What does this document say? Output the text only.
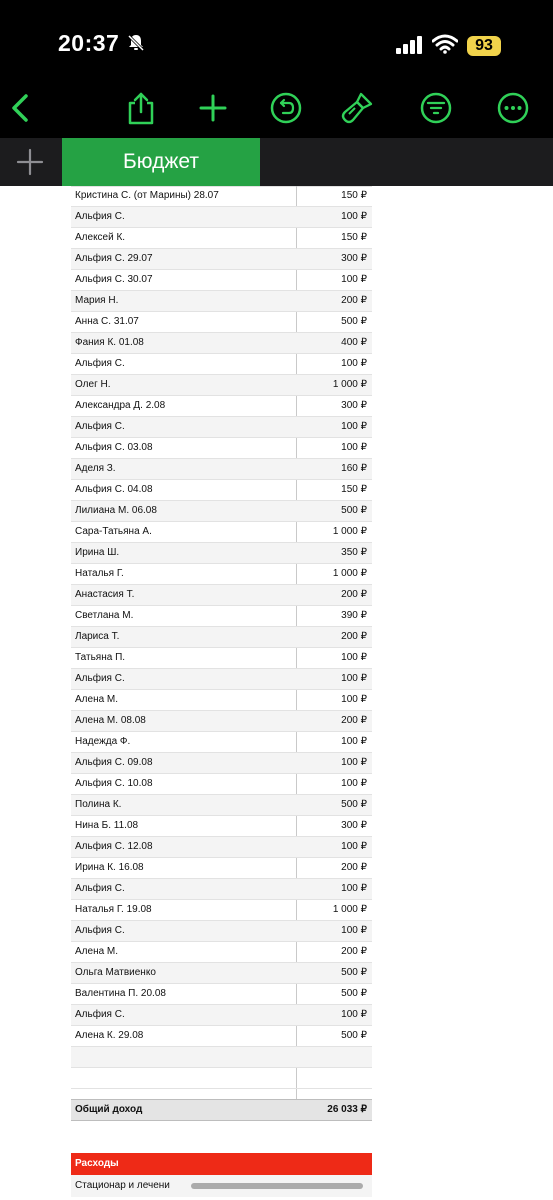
20:37	93
Бюджет
Кристина С. (от Марины) 28.07	150 ₽
Альфия С.	100 ₽
Алексей К.	150 ₽
Альфия С. 29.07	300 ₽
Альфия С. 30.07	100 ₽
Мария Н.	200 ₽
Анна С. 31.07	500 ₽
Фания К. 01.08	400 ₽
Альфия С.	100 ₽
Олег Н.	1 000 ₽
Александра Д. 2.08	300 ₽
Альфия С.	100 ₽
Альфия С. 03.08	100 ₽
Аделя З.	160 ₽
Альфия С. 04.08	150 ₽
Лилиана М. 06.08	500 ₽
Сара-Татьяна А.	1 000 ₽
Ирина Ш.	350 ₽
Наталья Г.	1 000 ₽
Анастасия Т.	200 ₽
Светлана М.	390 ₽
Лариса Т.	200 ₽
Татьяна П.	100 ₽
Альфия С.	100 ₽
Алена М.	100 ₽
Алена М. 08.08	200 ₽
Надежда Ф.	100 ₽
Альфия С. 09.08	100 ₽
Альфия С. 10.08	100 ₽
Полина К.	500 ₽
Нина Б. 11.08	300 ₽
Альфия С. 12.08	100 ₽
Ирина К. 16.08	200 ₽
Альфия С.	100 ₽
Наталья Г. 19.08	1 000 ₽
Альфия С.	100 ₽
Алена М.	200 ₽
Ольга Матвиенко	500 ₽
Валентина П. 20.08	500 ₽
Альфия С.	100 ₽
Алена К. 29.08	500 ₽
Общий доход	26 033 ₽
Расходы
Стационар и лечени
